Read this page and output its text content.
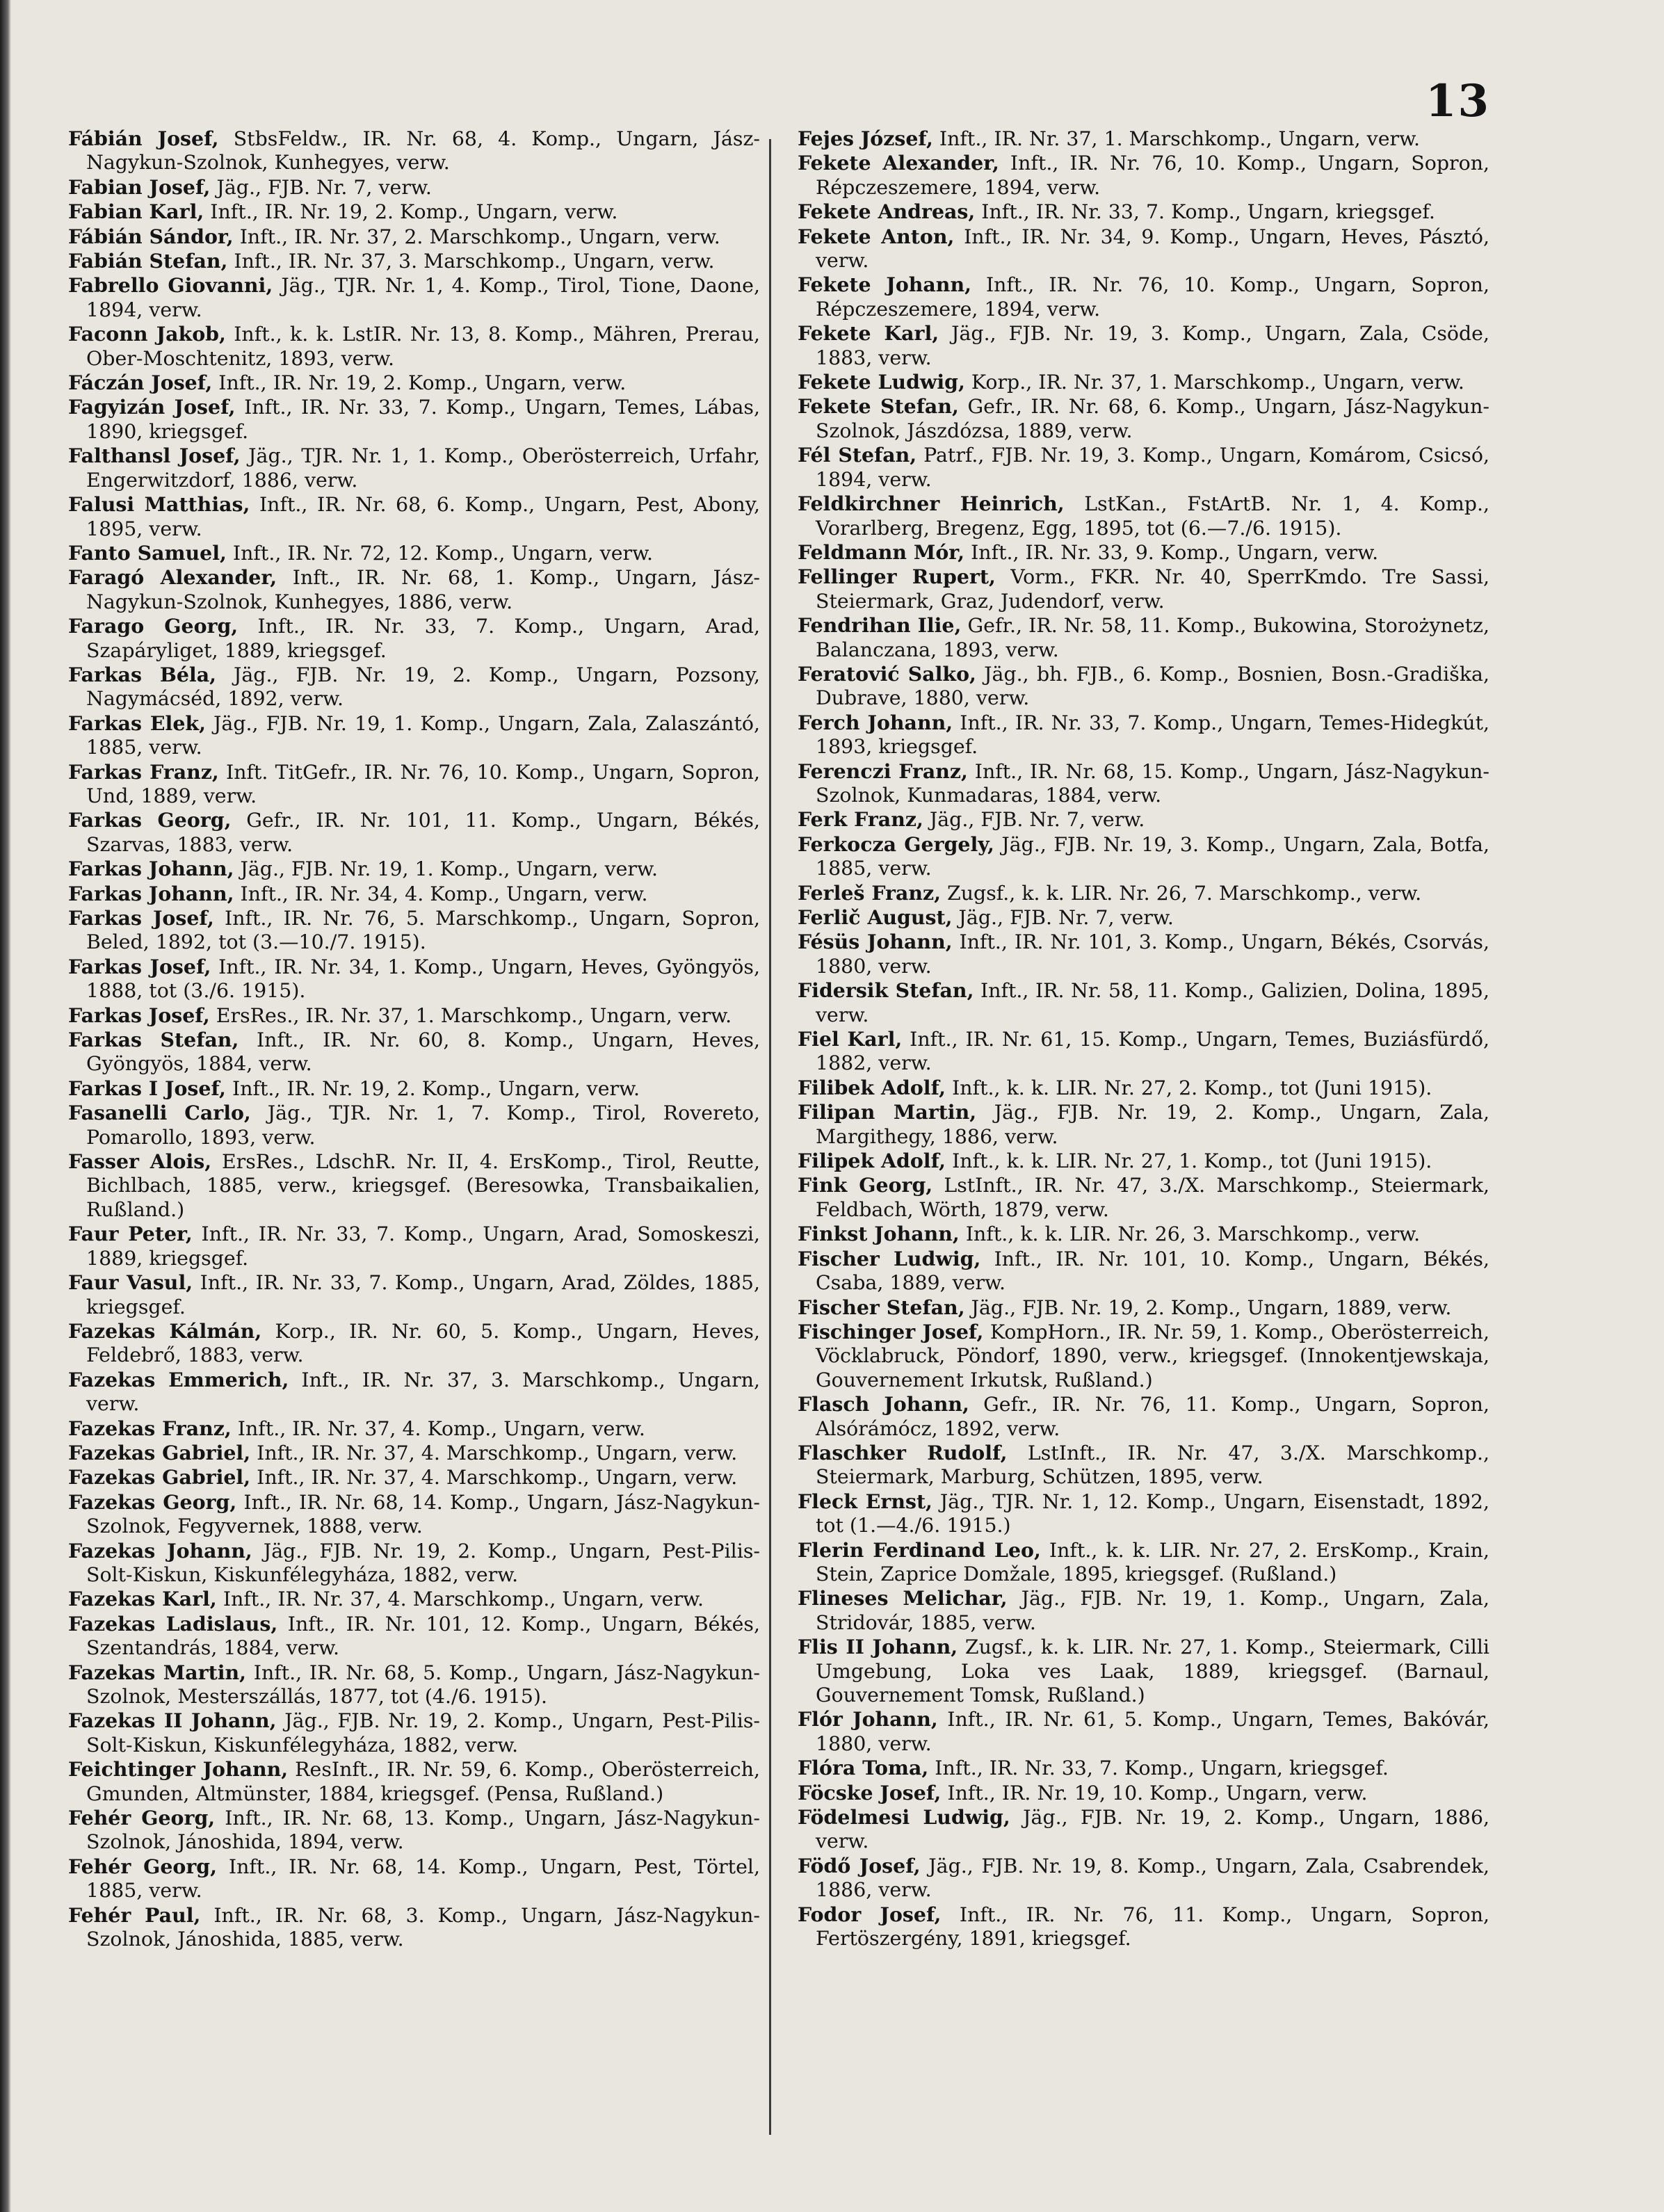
13

Fábián Josef, StbsFeldw., IR. Nr. 68, 4. Komp., Ungarn, Jász-Nagykun-Szolnok, Kunhegyes, verw.

Fabian Josef, Jäg., FJB. Nr. 7, verw.

Fabian Karl, Inft., IR. Nr. 19, 2. Komp., Ungarn, verw.

Fábián Sándor, Inft., IR. Nr. 37, 2. Marschkomp., Ungarn, verw.

Fabián Stefan, Inft., IR. Nr. 37, 3. Marschkomp., Ungarn, verw.

Fabrello Giovanni, Jäg., TJR. Nr. 1, 4. Komp., Tirol, Tione, Daone, 1894, verw.

Faconn Jakob, Inft., k. k. LstIR. Nr. 13, 8. Komp., Mähren, Prerau, Ober-Moschtenitz, 1893, verw.

Fáczán Josef, Inft., IR. Nr. 19, 2. Komp., Ungarn, verw.

Fagyizán Josef, Inft., IR. Nr. 33, 7. Komp., Ungarn, Temes, Lábas, 1890, kriegsgef.

Falthansl Josef, Jäg., TJR. Nr. 1, 1. Komp., Oberösterreich, Urfahr, Engerwitzdorf, 1886, verw.

Falusi Matthias, Inft., IR. Nr. 68, 6. Komp., Ungarn, Pest, Abony, 1895, verw.

Fanto Samuel, Inft., IR. Nr. 72, 12. Komp., Ungarn, verw.

Faragó Alexander, Inft., IR. Nr. 68, 1. Komp., Ungarn, Jász-Nagykun-Szolnok, Kunhegyes, 1886, verw.

Farago Georg, Inft., IR. Nr. 33, 7. Komp., Ungarn, Arad, Szapáryliget, 1889, kriegsgef.

Farkas Béla, Jäg., FJB. Nr. 19, 2. Komp., Ungarn, Pozsony, Nagymácséd, 1892, verw.

Farkas Elek, Jäg., FJB. Nr. 19, 1. Komp., Ungarn, Zala, Zalaszántó, 1885, verw.

Farkas Franz, Inft. TitGefr., IR. Nr. 76, 10. Komp., Ungarn, Sopron, Und, 1889, verw.

Farkas Georg, Gefr., IR. Nr. 101, 11. Komp., Ungarn, Békés, Szarvas, 1883, verw.

Farkas Johann, Jäg., FJB. Nr. 19, 1. Komp., Ungarn, verw.

Farkas Johann, Inft., IR. Nr. 34, 4. Komp., Ungarn, verw.

Farkas Josef, Inft., IR. Nr. 76, 5. Marschkomp., Ungarn, Sopron, Beled, 1892, tot (3.—10./7. 1915).

Farkas Josef, Inft., IR. Nr. 34, 1. Komp., Ungarn, Heves, Gyöngyös, 1888, tot (3./6. 1915).

Farkas Josef, ErsRes., IR. Nr. 37, 1. Marschkomp., Ungarn, verw.

Farkas Stefan, Inft., IR. Nr. 60, 8. Komp., Ungarn, Heves, Gyöngyös, 1884, verw.

Farkas I Josef, Inft., IR. Nr. 19, 2. Komp., Ungarn, verw.

Fasanelli Carlo, Jäg., TJR. Nr. 1, 7. Komp., Tirol, Rovereto, Pomarollo, 1893, verw.

Fasser Alois, ErsRes., LdschR. Nr. II, 4. ErsKomp., Tirol, Reutte, Bichlbach, 1885, verw., kriegsgef. (Beresowka, Transbaikalien, Rußland.)

Faur Peter, Inft., IR. Nr. 33, 7. Komp., Ungarn, Arad, Somoskeszi, 1889, kriegsgef.

Faur Vasul, Inft., IR. Nr. 33, 7. Komp., Ungarn, Arad, Zöldes, 1885, kriegsgef.

Fazekas Kálmán, Korp., IR. Nr. 60, 5. Komp., Ungarn, Heves, Feldebrő, 1883, verw.

Fazekas Emmerich, Inft., IR. Nr. 37, 3. Marschkomp., Ungarn, verw.

Fazekas Franz, Inft., IR. Nr. 37, 4. Komp., Ungarn, verw.

Fazekas Gabriel, Inft., IR. Nr. 37, 4. Marschkomp., Ungarn, verw.

Fazekas Gabriel, Inft., IR. Nr. 37, 4. Marschkomp., Ungarn, verw.

Fazekas Georg, Inft., IR. Nr. 68, 14. Komp., Ungarn, Jász-Nagykun-Szolnok, Fegyvernek, 1888, verw.

Fazekas Johann, Jäg., FJB. Nr. 19, 2. Komp., Ungarn, Pest-Pilis-Solt-Kiskun, Kiskunfélegyháza, 1882, verw.

Fazekas Karl, Inft., IR. Nr. 37, 4. Marschkomp., Ungarn, verw.

Fazekas Ladislaus, Inft., IR. Nr. 101, 12. Komp., Ungarn, Békés, Szentandrás, 1884, verw.

Fazekas Martin, Inft., IR. Nr. 68, 5. Komp., Ungarn, Jász-Nagykun-Szolnok, Mesterszállás, 1877, tot (4./6. 1915).

Fazekas II Johann, Jäg., FJB. Nr. 19, 2. Komp., Ungarn, Pest-Pilis-Solt-Kiskun, Kiskunfélegyháza, 1882, verw.

Feichtinger Johann, ResInft., IR. Nr. 59, 6. Komp., Oberösterreich, Gmunden, Altmünster, 1884, kriegsgef. (Pensa, Rußland.)

Fehér Georg, Inft., IR. Nr. 68, 13. Komp., Ungarn, Jász-Nagykun-Szolnok, Jánoshida, 1894, verw.

Fehér Georg, Inft., IR. Nr. 68, 14. Komp., Ungarn, Pest, Törtel, 1885, verw.

Fehér Paul, Inft., IR. Nr. 68, 3. Komp., Ungarn, Jász-Nagykun-Szolnok, Jánoshida, 1885, verw.

Fejes József, Inft., IR. Nr. 37, 1. Marschkomp., Ungarn, verw.

Fekete Alexander, Inft., IR. Nr. 76, 10. Komp., Ungarn, Sopron, Répczeszemere, 1894, verw.

Fekete Andreas, Inft., IR. Nr. 33, 7. Komp., Ungarn, kriegsgef.

Fekete Anton, Inft., IR. Nr. 34, 9. Komp., Ungarn, Heves, Pásztó, verw.

Fekete Johann, Inft., IR. Nr. 76, 10. Komp., Ungarn, Sopron, Répczeszemere, 1894, verw.

Fekete Karl, Jäg., FJB. Nr. 19, 3. Komp., Ungarn, Zala, Csöde, 1883, verw.

Fekete Ludwig, Korp., IR. Nr. 37, 1. Marschkomp., Ungarn, verw.

Fekete Stefan, Gefr., IR. Nr. 68, 6. Komp., Ungarn, Jász-Nagykun-Szolnok, Jászdózsa, 1889, verw.

Fél Stefan, Patrf., FJB. Nr. 19, 3. Komp., Ungarn, Komárom, Csicsó, 1894, verw.

Feldkirchner Heinrich, LstKan., FstArtB. Nr. 1, 4. Komp., Vorarlberg, Bregenz, Egg, 1895, tot (6.—7./6. 1915).

Feldmann Mór, Inft., IR. Nr. 33, 9. Komp., Ungarn, verw.

Fellinger Rupert, Vorm., FKR. Nr. 40, SperrKmdo. Tre Sassi, Steiermark, Graz, Judendorf, verw.

Fendrihan Ilie, Gefr., IR. Nr. 58, 11. Komp., Bukowina, Storożynetz, Balanczana, 1893, verw.

Feratović Salko, Jäg., bh. FJB., 6. Komp., Bosnien, Bosn.-Gradiška, Dubrave, 1880, verw.

Ferch Johann, Inft., IR. Nr. 33, 7. Komp., Ungarn, Temes-Hidegkút, 1893, kriegsgef.

Ferenczi Franz, Inft., IR. Nr. 68, 15. Komp., Ungarn, Jász-Nagykun-Szolnok, Kunmadaras, 1884, verw.

Ferk Franz, Jäg., FJB. Nr. 7, verw.

Ferkocza Gergely, Jäg., FJB. Nr. 19, 3. Komp., Ungarn, Zala, Botfa, 1885, verw.

Ferleš Franz, Zugsf., k. k. LIR. Nr. 26, 7. Marschkomp., verw.

Ferlič August, Jäg., FJB. Nr. 7, verw.

Fésüs Johann, Inft., IR. Nr. 101, 3. Komp., Ungarn, Békés, Csorvás, 1880, verw.

Fidersik Stefan, Inft., IR. Nr. 58, 11. Komp., Galizien, Dolina, 1895, verw.

Fiel Karl, Inft., IR. Nr. 61, 15. Komp., Ungarn, Temes, Buziásfürdő, 1882, verw.

Filibek Adolf, Inft., k. k. LIR. Nr. 27, 2. Komp., tot (Juni 1915).

Filipan Martin, Jäg., FJB. Nr. 19, 2. Komp., Ungarn, Zala, Margithegy, 1886, verw.

Filipek Adolf, Inft., k. k. LIR. Nr. 27, 1. Komp., tot (Juni 1915).

Fink Georg, LstInft., IR. Nr. 47, 3./X. Marschkomp., Steiermark, Feldbach, Wörth, 1879, verw.

Finkst Johann, Inft., k. k. LIR. Nr. 26, 3. Marschkomp., verw.

Fischer Ludwig, Inft., IR. Nr. 101, 10. Komp., Ungarn, Békés, Csaba, 1889, verw.

Fischer Stefan, Jäg., FJB. Nr. 19, 2. Komp., Ungarn, 1889, verw.

Fischinger Josef, KompHorn., IR. Nr. 59, 1. Komp., Oberösterreich, Vöcklabruck, Pöndorf, 1890, verw., kriegsgef. (Innokentjewskaja, Gouvernement Irkutsk, Rußland.)

Flasch Johann, Gefr., IR. Nr. 76, 11. Komp., Ungarn, Sopron, Alsórámócz, 1892, verw.

Flaschker Rudolf, LstInft., IR. Nr. 47, 3./X. Marschkomp., Steiermark, Marburg, Schützen, 1895, verw.

Fleck Ernst, Jäg., TJR. Nr. 1, 12. Komp., Ungarn, Eisenstadt, 1892, tot (1.—4./6. 1915.)

Flerin Ferdinand Leo, Inft., k. k. LIR. Nr. 27, 2. ErsKomp., Krain, Stein, Zaprice Domžale, 1895, kriegsgef. (Rußland.)

Flineses Melichar, Jäg., FJB. Nr. 19, 1. Komp., Ungarn, Zala, Stridovár, 1885, verw.

Flis II Johann, Zugsf., k. k. LIR. Nr. 27, 1. Komp., Steiermark, Cilli Umgebung, Loka ves Laak, 1889, kriegsgef. (Barnaul, Gouvernement Tomsk, Rußland.)

Flór Johann, Inft., IR. Nr. 61, 5. Komp., Ungarn, Temes, Bakóvár, 1880, verw.

Flóra Toma, Inft., IR. Nr. 33, 7. Komp., Ungarn, kriegsgef.

Föcske Josef, Inft., IR. Nr. 19, 10. Komp., Ungarn, verw.

Födelmesi Ludwig, Jäg., FJB. Nr. 19, 2. Komp., Ungarn, 1886, verw.

Födő Josef, Jäg., FJB. Nr. 19, 8. Komp., Ungarn, Zala, Csabrendek, 1886, verw.

Fodor Josef, Inft., IR. Nr. 76, 11. Komp., Ungarn, Sopron, Fertöszergény, 1891, kriegsgef.
